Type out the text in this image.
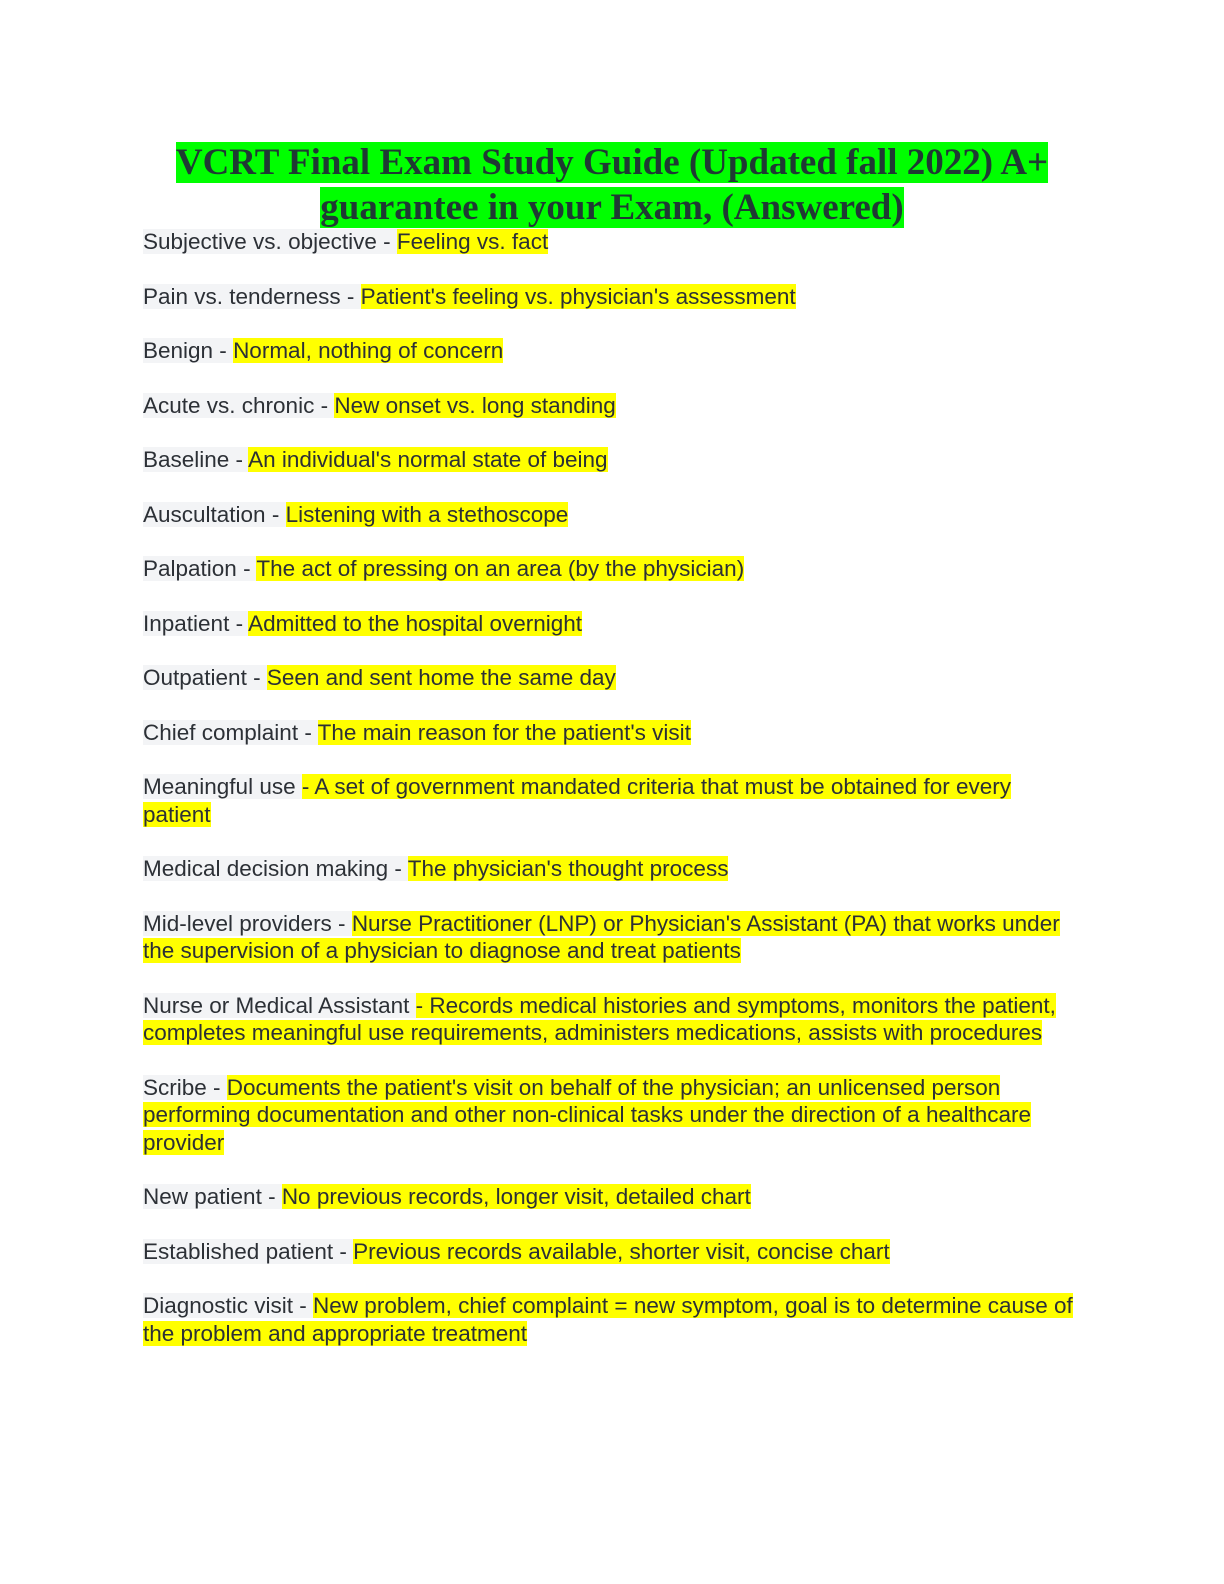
VCRT Final Exam Study Guide (Updated fall 2022) A+ guarantee in your Exam, (Answered)

Subjective vs. objective - Feeling vs. fact

Pain vs. tenderness - Patient's feeling vs. physician's assessment

Benign - Normal, nothing of concern

Acute vs. chronic - New onset vs. long standing

Baseline - An individual's normal state of being

Auscultation - Listening with a stethoscope

Palpation - The act of pressing on an area (by the physician)

Inpatient - Admitted to the hospital overnight

Outpatient - Seen and sent home the same day

Chief complaint - The main reason for the patient's visit

Meaningful use - A set of government mandated criteria that must be obtained for every patient

Medical decision making - The physician's thought process

Mid-level providers - Nurse Practitioner (LNP) or Physician's Assistant (PA) that works under the supervision of a physician to diagnose and treat patients

Nurse or Medical Assistant - Records medical histories and symptoms, monitors the patient, completes meaningful use requirements, administers medications, assists with procedures

Scribe - Documents the patient's visit on behalf of the physician; an unlicensed person performing documentation and other non-clinical tasks under the direction of a healthcare provider

New patient - No previous records, longer visit, detailed chart

Established patient - Previous records available, shorter visit, concise chart

Diagnostic visit - New problem, chief complaint = new symptom, goal is to determine cause of the problem and appropriate treatment
